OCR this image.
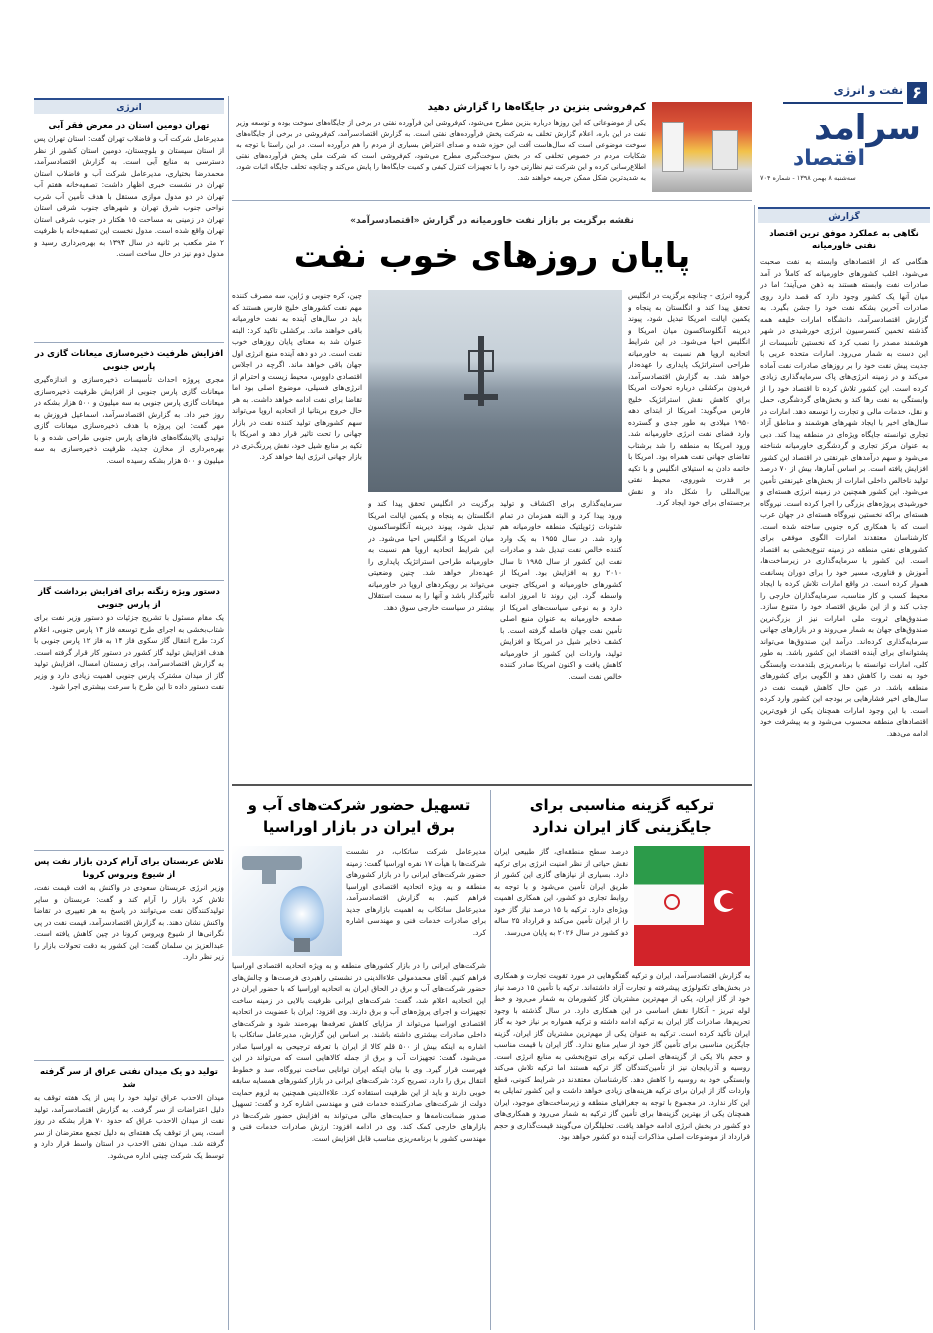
۶
نفت و انرژی
سرامد
اقتصاد
سه‌شنبه ۸ بهمن ۱۳۹۸ - شماره ۷۰۴
کم‌فروشی بنزین در جایگاه‌ها را گزارش دهید
یکی از موضوعاتی که این روزها درباره بنزین مطرح می‌شود، کم‌فروشی این فرآورده نفتی در برخی از جایگاه‌های سوخت بوده و توسعه وزیر نفت در این باره، اعلام گزارش تخلف به شرکت پخش فرآورده‌های نفتی است. به گزارش اقتصادسرآمد، کم‌فروشی در برخی از جایگاه‌های سوخت موضوعی است که سال‌هاست آفت این حوزه شده و صدای اعتراض بسیاری از مردم را هم درآورده است. در این راستا با توجه به شکایات مردم در خصوص تخلفی که در بخش سوخت‌گیری مطرح می‌شود، کم‌فروشی است که شرکت ملی پخش فرآورده‌های نفتی اطلاع‌رسانی کرده و این شرکت تیم نظارتی خود را با تجهیزات کنترل کیفی و کمیت جایگاه‌ها را پایش می‌کند و چنانچه تخلف جایگاه اثبات شود، به شدیدترین شکل ممکن جریمه خواهند شد.
گزارش
نگاهی به عملکرد موفق ترین اقتصاد نفتی خاورمیانه
هنگامی که از اقتصادهای وابسته به نفت صحبت می‌شود، اغلب کشورهای خاورمیانه که کاملاً در آمد صادرات نفت وابسته هستند به ذهن می‌آیند؛ اما در میان آنها یک کشور وجود دارد که قصد دارد روی صادرات آخرین بشکه نفت خود را جشن بگیرد. به گزارش اقتصادسرآمد، دانشگاه امارات خلیفه همه گذشته تخمین کنسرسیون انرژی خورشیدی در شهر هوشمند مصدر را نصب کرد که نخستین تأسیسات از این دست به شمار می‌رود. امارات متحده عربی با جدیت پیش نفت خود را بر روزهای صادرات نفت آماده می‌کند و در زمینه انرژی‌های پاک سرمایه‌گذاری زیادی کرده است. این کشور تلاش کرده تا اقتصاد خود را از وابستگی به نفت رها کند و بخش‌های گردشگری، حمل و نقل، خدمات مالی و تجارت را توسعه دهد. امارات در سال‌های اخیر با ایجاد شهرهای هوشمند و مناطق آزاد تجاری توانسته جایگاه ویژه‌ای در منطقه پیدا کند. دبی به عنوان مرکز تجاری و گردشگری خاورمیانه شناخته می‌شود و سهم درآمدهای غیرنفتی در اقتصاد این کشور افزایش یافته است. بر اساس آمارها، بیش از ۷۰ درصد تولید ناخالص داخلی امارات از بخش‌های غیرنفتی تأمین می‌شود. این کشور همچنین در زمینه انرژی هسته‌ای و خورشیدی پروژه‌های بزرگی را اجرا کرده است. نیروگاه هسته‌ای براکه نخستین نیروگاه هسته‌ای در جهان عرب است که با همکاری کره جنوبی ساخته شده است. کارشناسان معتقدند امارات الگوی موفقی برای کشورهای نفتی منطقه در زمینه تنوع‌بخشی به اقتصاد است. این کشور با سرمایه‌گذاری در زیرساخت‌ها، آموزش و فناوری، مسیر خود را برای دوران پسانفت هموار کرده است. در واقع امارات تلاش کرده با ایجاد محیط کسب و کار مناسب، سرمایه‌گذاران خارجی را جذب کند و از این طریق اقتصاد خود را متنوع سازد. صندوق‌های ثروت ملی امارات نیز از بزرگ‌ترین صندوق‌های جهان به شمار می‌روند و در بازارهای جهانی سرمایه‌گذاری کرده‌اند. درآمد این صندوق‌ها می‌تواند پشتوانه‌ای برای آینده اقتصاد این کشور باشد. به طور کلی، امارات توانسته با برنامه‌ریزی بلندمدت وابستگی خود به نفت را کاهش دهد و الگویی برای کشورهای منطقه باشد. در عین حال کاهش قیمت نفت در سال‌های اخیر فشارهایی بر بودجه این کشور وارد کرده است. با این وجود امارات همچنان یکی از قوی‌ترین اقتصادهای منطقه محسوب می‌شود و به پیشرفت خود ادامه می‌دهد.
نقشه برگزیت بر بازار نفت خاورمیانه در گزارش «اقتصادسرآمد»
پایان روزهای خوب نفت
گروه انرژی - چنانچه برگزیت در انگلیس تحقق پیدا کند و انگلستان به پنجاه و یکمین ایالت امریکا تبدیل شود، پیوند دیرینه آنگلوساکسون میان امریکا و انگلیس احیا می‌شود. در این شرایط اتحادیه اروپا هم نسبت به خاورمیانه طراحی استراتژیک پایداری را عهده‌دار خواهد شد. به گزارش اقتصادسرآمد، فریدون برکشلی درباره تحولات امریکا براي کاهش نقش استراتژیک خليج فارس مي‌گويد: امريكا از ابتدای دهه ۱۹۵۰ میلادی به طور جدی و گسترده وارد فضای نفت انرژی خاورمیانه شد. ورود امریکا به منطقه را شد برشتاب تقاضای جهانی نفت همراه بود. امریکا با خاتمه دادن به استیلای انگلیس و با تکیه بر قدرت شوروی، محیط نفتی بین‌المللی را شکل داد و نقش برجسته‌ای برای خود ایجاد کرد.
سرمایه‌گذاری برای اکتشاف و تولید ورود پیدا کرد و البته همزمان در تمام شئونات ژئوپلتیک منطقه خاورمیانه هم وارد شد. در سال ۱۹۵۵ به یک وارد کننده خالص نفت تبدیل شد و صادرات نفت این کشور از سال ۱۹۸۵ تا سال ۲۰۱۰ رو به افزایش بود. امریکا از کشورهای خاورمیانه و امریکای جنوبی واسطه گرد. این روند تا امروز ادامه دارد و به نوعی سیاست‌های امریکا از صفحه خاورمیانه به عنوان منبع اصلی تأمین نفت جهان فاصله گرفته است. با کشف ذخایر شیل در امریکا و افزایش تولید، واردات این کشور از خاورمیانه کاهش یافت و اکنون امریکا صادر کننده خالص نفت است.
برگزیت در انگلیس تحقق پیدا کند و انگلستان به پنجاه و یکمین ایالت امریکا تبدیل شود، پیوند دیرینه آنگلوساکسون میان امریکا و انگلیس احیا می‌شود. در این شرایط اتحادیه اروپا هم نسبت به خاورمیانه طراحی استراتژیک پایداری را عهده‌دار خواهد شد. چنین وضعیتی می‌تواند بر رویکردهای اروپا در خاورمیانه تأثیرگذار باشد و آنها را به سمت استقلال بیشتر در سیاست خارجی سوق دهد.
چین، کره جنوبی و ژاپن، سه مصرف کننده مهم نفت کشورهای خلیج فارس هستند که باید در سال‌های آینده به نفت خاورمیانه باقی خواهند ماند. برکشلی تاکید کرد: البته عنوان شد به معنای پایان روزهای خوب نفت است. در دو دهه آینده منبع انرژی اول جهان باقی خواهد ماند. اگرچه در اجلاس اقتصادی داووس، محیط زیست و احترام از انرژی‌های فسیلی، موضوع اصلی بود اما تقاضا برای نفت ادامه خواهد داشت. به هر حال خروج بریتانیا از اتحادیه اروپا می‌تواند سهم کشورهای تولید کننده نفت در بازار جهانی را تحت تاثیر قرار دهد و امریکا با تکیه بر منابع شیل خود، نقش پررنگ‌تری در بازار جهانی انرژی ایفا خواهد کرد.
ترکیه گزینه مناسبی برای جایگزینی گاز ایران ندارد
درصد سطح منطقه‌ای، گاز طبیعی ایران نقش حیاتی از نظر امنیت انرژی برای ترکیه دارد. بسیاری از نیازهای گازی این کشور از طریق ایران تأمین می‌شود و با توجه به روابط تجاری دو کشور، این همکاری اهمیت ویژه‌ای دارد. ترکیه با ۱۵ درصد نیاز گاز خود را از ایران تأمین می‌کند و قرارداد ۲۵ ساله دو کشور در سال ۲۰۲۶ به پایان می‌رسد.
به گزارش اقتصادسرآمد، ایران و ترکیه گفتگوهایی در مورد تقویت تجارت و همکاری در بخش‌های تکنولوژی پیشرفته و تجارت آزاد داشته‌اند. ترکیه با تأمین ۱۵ درصد نیاز خود از گاز ایران، یکی از مهم‌ترین مشتریان گاز کشورمان به شمار می‌رود و خط لوله تبریز - آنکارا نقش اساسی در این همکاری دارد. در سال گذشته با وجود تحریم‌ها، صادرات گاز ایران به ترکیه ادامه داشته و ترکیه همواره بر نیاز خود به گاز ایران تأکید کرده است. ترکیه به عنوان یکی از مهم‌ترین مشتریان گاز ایران، گزینه جایگزین مناسبی برای تأمین گاز خود از سایر منابع ندارد. گاز ایران با قیمت مناسب و حجم بالا یکی از گزینه‌های اصلی ترکیه برای تنوع‌بخشی به منابع انرژی است. روسیه و آذربایجان نیز از تأمین‌کنندگان گاز ترکیه هستند اما ترکیه تلاش می‌کند وابستگی خود به روسیه را کاهش دهد. کارشناسان معتقدند در شرایط کنونی، قطع واردات گاز از ایران برای ترکیه هزینه‌های زیادی خواهد داشت و این کشور تمایلی به این کار ندارد. در مجموع با توجه به جغرافیای منطقه و زیرساخت‌های موجود، ایران همچنان یکی از بهترین گزینه‌ها برای تأمین گاز ترکیه به شمار می‌رود و همکاری‌های دو کشور در بخش انرژی ادامه خواهد یافت. تحلیلگران می‌گویند قیمت‌گذاری و حجم قرارداد از موضوعات اصلی مذاکرات آینده دو کشور خواهد بود.
تسهیل حضور شرکت‌های آب و برق ایران در بازار اوراسیا
مدیرعامل شرکت ساتکاب، در نشست شرکت‌ها با هیأت ۱۷ نفره اوراسیا گفت: زمینه حضور شرکت‌های ایرانی را در بازار کشورهای منطقه و به ویژه اتحادیه اقتصادی اوراسیا فراهم کنیم. به گزارش اقتصادسرآمد، مدیرعامل ساتکاب به اهمیت بازارهای جدید برای صادرات خدمات فنی و مهندسی اشاره کرد.
شرکت‌های ایرانی را در بازار کشورهای منطقه و به ویژه اتحادیه اقتصادی اوراسیا فراهم کنیم. آقای محمدمولی علاءالدینی در نشستی راهبردی فرصت‌ها و چالش‌های حضور شرکت‌های آب و برق در الحاق ایران به اتحادیه اوراسیا که با حضور ایران در این اتحادیه اعلام شد، گفت: شرکت‌های ایرانی ظرفیت بالایی در زمینه ساخت تجهیزات و اجرای پروژه‌های آب و برق دارند. وی افزود: ایران با عضویت در اتحادیه اقتصادی اوراسیا می‌تواند از مزایای کاهش تعرفه‌ها بهره‌مند شود و شرکت‌های داخلی صادرات بیشتری داشته باشند. بر اساس این گزارش، مدیرعامل ساتکاب با اشاره به اینکه بیش از ۵۰۰ قلم کالا از ایران با تعرفه ترجیحی به اوراسیا صادر می‌شود، گفت: تجهیزات آب و برق از جمله کالاهایی است که می‌تواند در این فهرست قرار گیرد. وی با بیان اینکه ایران توانایی ساخت نیروگاه، سد و خطوط انتقال برق را دارد، تصریح کرد: شرکت‌های ایرانی در بازار کشورهای همسایه سابقه خوبی دارند و باید از این ظرفیت استفاده کرد. علاءالدینی همچنین به لزوم حمایت دولت از شرکت‌های صادرکننده خدمات فنی و مهندسی اشاره کرد و گفت: تسهیل صدور ضمانت‌نامه‌ها و حمایت‌های مالی می‌تواند به افزایش حضور شرکت‌ها در بازارهای خارجی کمک کند. وی در ادامه افزود: ارزش صادرات خدمات فنی و مهندسی کشور با برنامه‌ریزی مناسب قابل افزایش است.
انرژی
تهران دومین استان در معرض فقر آبی
مدیرعامل شرکت آب و فاضلاب تهران گفت: استان تهران پس از استان سیستان و بلوچستان، دومین استان کشور از نظر دسترسی به منابع آبی است. به گزارش اقتصادسرآمد، محمدرضا بختیاری، مدیرعامل شرکت آب و فاضلاب استان تهران در نشست خبری اظهار داشت: تصفیه‌خانه هفتم آب تهران در دو مدول موازی مستقل با هدف تأمین آب شرب نواحی جنوب شرق تهران و شهرهای جنوب شرقی استان تهران در زمینی به مساحت ۱۵ هکتار در جنوب شرقی استان تهران واقع شده است. مدول نخست این تصفیه‌خانه با ظرفیت ۲ متر مکعب بر ثانیه در سال ۱۳۹۴ به بهره‌برداری رسید و مدول دوم نیز در حال ساخت است.
افزایش ظرفیت ذخیره‌سازی میعانات گازی در پارس جنوبی
مجری پروژه احداث تأسیسات ذخیره‌سازی و اندازه‌گیری میعانات گازی پارس جنوبی از افزایش ظرفیت ذخیره‌سازی میعانات گازی پارس جنوبی به سه میلیون و ۵۰۰ هزار بشکه در روز خبر داد. به گزارش اقتصادسرآمد، اسماعیل فروزش به مهر گفت: این پروژه با هدف ذخیره‌سازی میعانات گازی تولیدی پالایشگاه‌های فازهای پارس جنوبی طراحی شده و با بهره‌برداری از مخازن جدید، ظرفیت ذخیره‌سازی به سه میلیون و ۵۰۰ هزار بشکه رسیده است.
دستور ویژه زنگنه برای افزایش برداشت گاز از پارس جنوبی
یک مقام مسئول با تشریح جزئیات دو دستور وزیر نفت برای شتاب‌بخشی به اجرای طرح توسعه فاز ۱۴ پارس جنوبی، اعلام کرد: طرح انتقال گاز سکوی فاز ۱۴ به فاز ۱۲ پارس جنوبی با هدف افزایش تولید گاز کشور در دستور کار قرار گرفته است. به گزارش اقتصادسرآمد، برای زمستان امسال، افزایش تولید گاز از میدان مشترک پارس جنوبی اهمیت زیادی دارد و وزیر نفت دستور داده تا این طرح با سرعت بیشتری اجرا شود.
تلاش عربستان برای آرام کردن بازار نفت پس از شیوع ویروس کرونا
وزیر انرژی عربستان سعودی در واکنش به افت قیمت نفت، تلاش کرد بازار را آرام کند و گفت: عربستان و سایر تولیدکنندگان نفت می‌توانند در پاسخ به هر تغییری در تقاضا واکنش نشان دهند. به گزارش اقتصادسرآمد، قیمت نفت در پی نگرانی‌ها از شیوع ویروس کرونا در چین کاهش یافته است. عبدالعزیز بن سلمان گفت: این کشور به دقت تحولات بازار را زیر نظر دارد.
تولید دو یک میدان نفتی عراق از سر گرفته شد
میدان الاحدب عراق تولید خود را پس از یک هفته توقف به دلیل اعتراضات از سر گرفت. به گزارش اقتصادسرآمد، تولید نفت از میدان الاحدب عراق که حدود ۷۰ هزار بشکه در روز است، پس از توقف یک هفته‌ای به دلیل تجمع معترضان از سر گرفته شد. میدان نفتی الاحدب در استان واسط قرار دارد و توسط یک شرکت چینی اداره می‌شود.
